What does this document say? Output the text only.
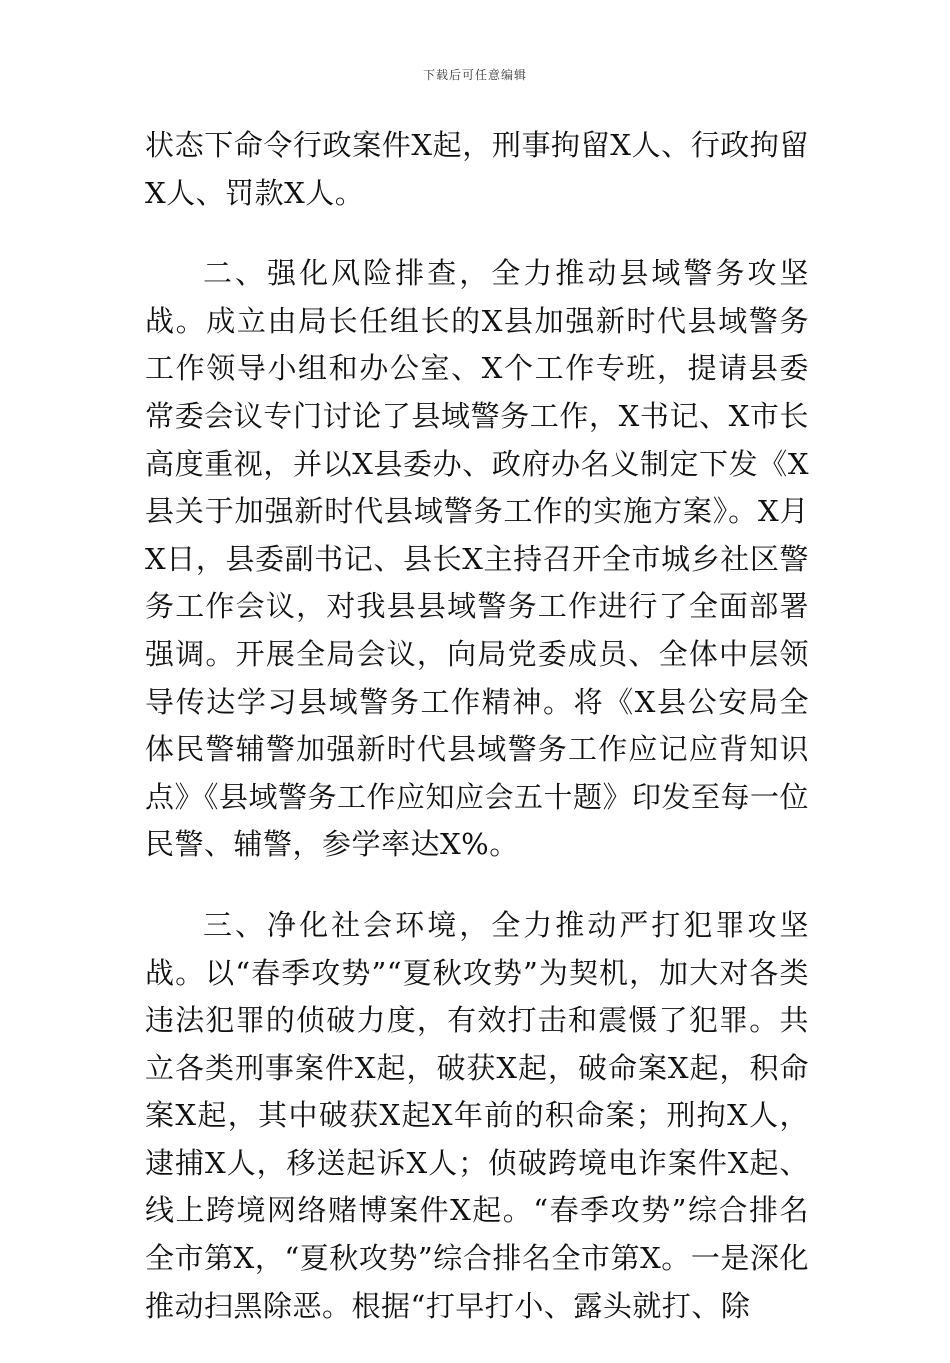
下载后可任意编辑

状态下命令行政案件X起，刑事拘留X人、行政拘留X人、罚款X人。

二、强化风险排查，全力推动县域警务攻坚战。成立由局长任组长的X县加强新时代县域警务工作领导小组和办公室、X个工作专班，提请县委常委会议专门讨论了县域警务工作，X书记、X市长高度重视，并以X县委办、政府办名义制定下发《X县关于加强新时代县域警务工作的实施方案》。X月X日，县委副书记、县长X主持召开全市城乡社区警务工作会议，对我县县域警务工作进行了全面部署强调。开展全局会议，向局党委成员、全体中层领导传达学习县域警务工作精神。将《X县公安局全体民警辅警加强新时代县域警务工作应记应背知识点》《县域警务工作应知应会五十题》印发至每一位民警、辅警，参学率达X%。

三、净化社会环境，全力推动严打犯罪攻坚战。以“春季攻势”“夏秋攻势”为契机，加大对各类违法犯罪的侦破力度，有效打击和震慑了犯罪。共立各类刑事案件X起，破获X起，破命案X起，积命案X起，其中破获X起X年前的积命案；刑拘X人，逮捕X人，移送起诉X人；侦破跨境电诈案件X起、线上跨境网络赌博案件X起。“春季攻势”综合排名全市第X，“夏秋攻势”综合排名全市第X。一是深化推动扫黑除恶。根据“打早打小、露头就打、除
